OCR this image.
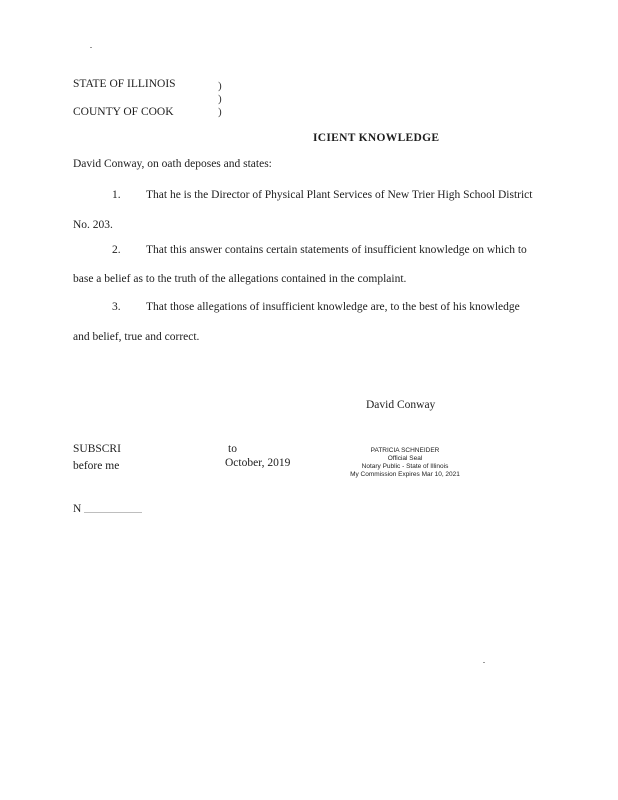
STATE OF ILLINOIS
COUNTY OF COOK
)
)
)
ICIENT KNOWLEDGE
David Conway, on oath deposes and states:
1. That he is the Director of Physical Plant Services of New Trier High School District
No. 203.
2. That this answer contains certain statements of insufficient knowledge on which to
base a belief as to the truth of the allegations contained in the complaint.
3. That those allegations of insufficient knowledge are, to the best of his knowledge
and belief, true and correct.
David Conway
SUBSCRI
before me
to
October, 2019
PATRICIA SCHNEIDER
Official Seal
Notary Public - State of Illinois
My Commission Expires Mar 10, 2021
N
